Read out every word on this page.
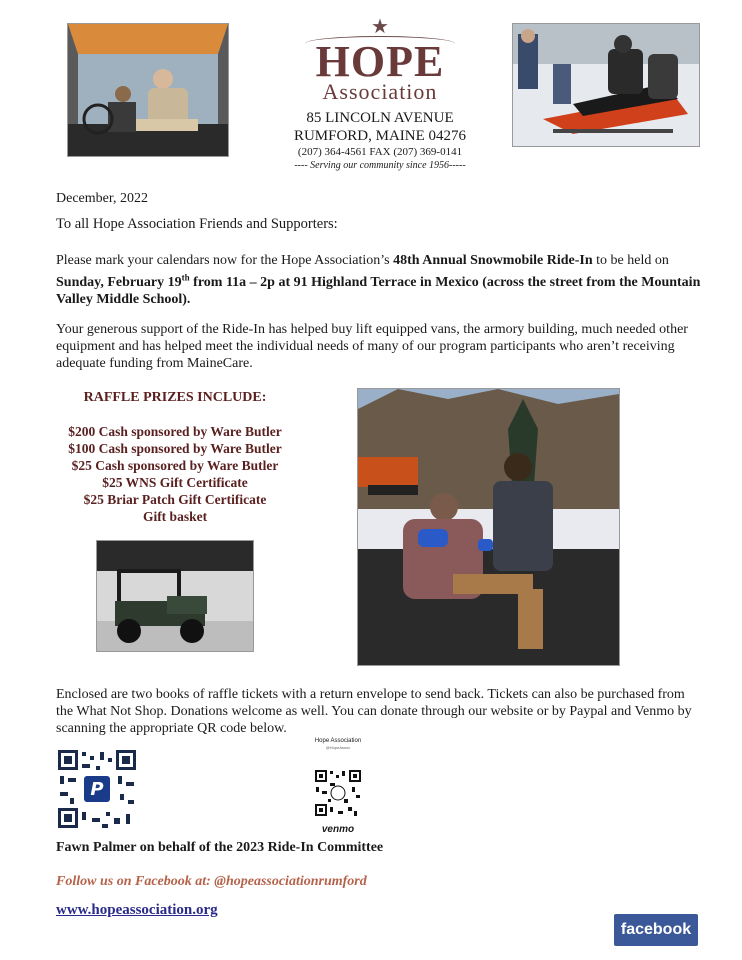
★
HOPE
Association
85 LINCOLN AVENUE
RUMFORD, MAINE 04276
(207) 364-4561 FAX (207) 369-0141
---- Serving our community since 1956-----
December, 2022
To all Hope Association Friends and Supporters:
Please mark your calendars now for the Hope Association’s 48th Annual Snowmobile Ride-In to be held on Sunday, February 19th from 11a – 2p at 91 Highland Terrace in Mexico (across the street from the Mountain Valley Middle School).
Your generous support of the Ride-In has helped buy lift equipped vans, the armory building, much needed other equipment and has helped meet the individual needs of many of our program participants who aren’t receiving adequate funding from MaineCare.
RAFFLE PRIZES INCLUDE:
$200 Cash sponsored by Ware Butler
$100 Cash sponsored by Ware Butler
$25 Cash sponsored by Ware Butler
$25 WNS Gift Certificate
$25 Briar Patch Gift Certificate
Gift basket
Enclosed are two books of raffle tickets with a return envelope to send back. Tickets can also be purchased from the What Not Shop. Donations welcome as well. You can donate through our website or by Paypal and Venmo by scanning the appropriate QR code below.
P
Hope Association
@HopeAssoc
venmo
Fawn Palmer on behalf of the 2023 Ride-In Committee
Follow us on Facebook at: @hopeassociationrumford
www.hopeassociation.org
facebook
